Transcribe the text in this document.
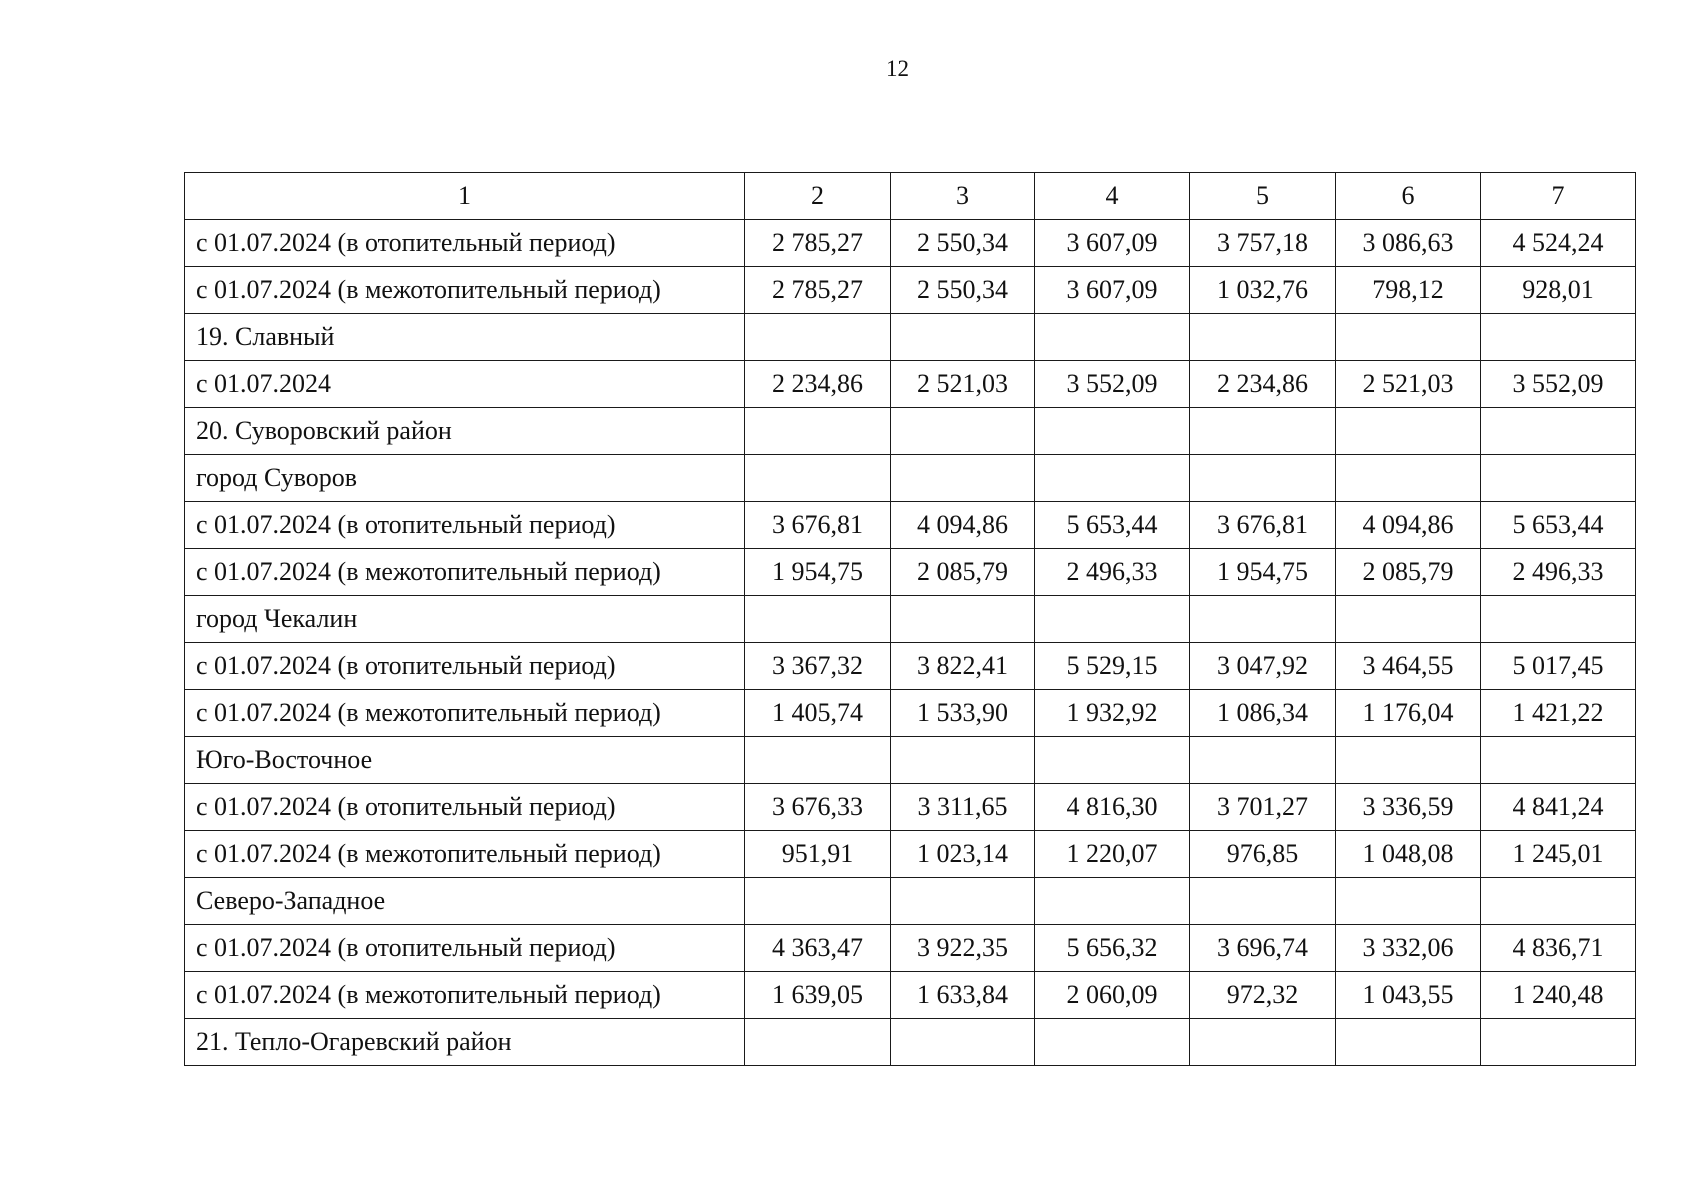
12
1	2	3	4	5	6	7
с 01.07.2024 (в отопительный период)	2 785,27	2 550,34	3 607,09	3 757,18	3 086,63	4 524,24
с 01.07.2024 (в межотопительный период)	2 785,27	2 550,34	3 607,09	1 032,76	798,12	928,01
19. Славный						
с 01.07.2024	2 234,86	2 521,03	3 552,09	2 234,86	2 521,03	3 552,09
20. Суворовский район						
город Суворов						
с 01.07.2024 (в отопительный период)	3 676,81	4 094,86	5 653,44	3 676,81	4 094,86	5 653,44
с 01.07.2024 (в межотопительный период)	1 954,75	2 085,79	2 496,33	1 954,75	2 085,79	2 496,33
город Чекалин						
с 01.07.2024 (в отопительный период)	3 367,32	3 822,41	5 529,15	3 047,92	3 464,55	5 017,45
с 01.07.2024 (в межотопительный период)	1 405,74	1 533,90	1 932,92	1 086,34	1 176,04	1 421,22
Юго-Восточное						
с 01.07.2024 (в отопительный период)	3 676,33	3 311,65	4 816,30	3 701,27	3 336,59	4 841,24
с 01.07.2024 (в межотопительный период)	951,91	1 023,14	1 220,07	976,85	1 048,08	1 245,01
Северо-Западное						
с 01.07.2024 (в отопительный период)	4 363,47	3 922,35	5 656,32	3 696,74	3 332,06	4 836,71
с 01.07.2024 (в межотопительный период)	1 639,05	1 633,84	2 060,09	972,32	1 043,55	1 240,48
21. Тепло-Огаревский район						
